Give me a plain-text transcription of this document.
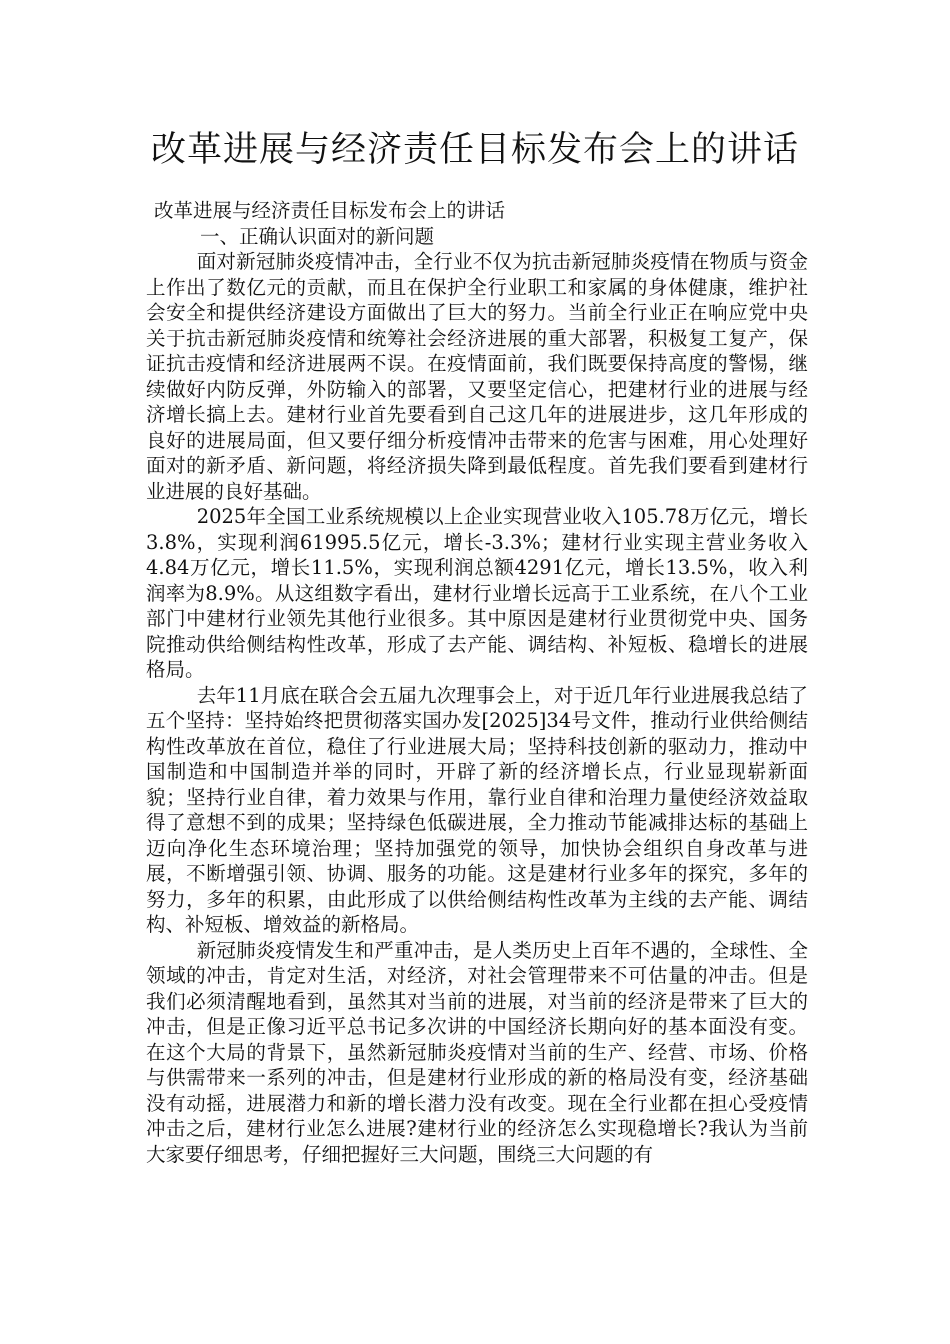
改革进展与经济责任目标发布会上的讲话

改革进展与经济责任目标发布会上的讲话

一、正确认识面对的新问题

面对新冠肺炎疫情冲击，全行业不仅为抗击新冠肺炎疫情在物质与资金上作出了数亿元的贡献，而且在保护全行业职工和家属的身体健康，维护社会安全和提供经济建设方面做出了巨大的努力。当前全行业正在响应党中央关于抗击新冠肺炎疫情和统筹社会经济进展的重大部署，积极复工复产，保证抗击疫情和经济进展两不误。在疫情面前，我们既要保持高度的警惕，继续做好内防反弹，外防输入的部署，又要坚定信心，把建材行业的进展与经济增长搞上去。建材行业首先要看到自己这几年的进展进步，这几年形成的良好的进展局面，但又要仔细分析疫情冲击带来的危害与困难，用心处理好面对的新矛盾、新问题，将经济损失降到最低程度。首先我们要看到建材行业进展的良好基础。

2025年全国工业系统规模以上企业实现营业收入105.78万亿元，增长3.8%，实现利润61995.5亿元，增长-3.3%；建材行业实现主营业务收入4.84万亿元，增长11.5%，实现利润总额4291亿元，增长13.5%，收入利润率为8.9%。从这组数字看出，建材行业增长远高于工业系统，在八个工业部门中建材行业领先其他行业很多。其中原因是建材行业贯彻党中央、国务院推动供给侧结构性改革，形成了去产能、调结构、补短板、稳增长的进展格局。

去年11月底在联合会五届九次理事会上，对于近几年行业进展我总结了五个坚持：坚持始终把贯彻落实国办发[2025]34号文件，推动行业供给侧结构性改革放在首位，稳住了行业进展大局；坚持科技创新的驱动力，推动中国制造和中国制造并举的同时，开辟了新的经济增长点，行业显现崭新面貌；坚持行业自律，着力效果与作用，靠行业自律和治理力量使经济效益取得了意想不到的成果；坚持绿色低碳进展，全力推动节能减排达标的基础上迈向净化生态环境治理；坚持加强党的领导，加快协会组织自身改革与进展，不断增强引领、协调、服务的功能。这是建材行业多年的探究，多年的努力，多年的积累，由此形成了以供给侧结构性改革为主线的去产能、调结构、补短板、增效益的新格局。

新冠肺炎疫情发生和严重冲击，是人类历史上百年不遇的，全球性、全领域的冲击，肯定对生活，对经济，对社会管理带来不可估量的冲击。但是我们必须清醒地看到，虽然其对当前的进展，对当前的经济是带来了巨大的冲击，但是正像习近平总书记多次讲的中国经济长期向好的基本面没有变。在这个大局的背景下，虽然新冠肺炎疫情对当前的生产、经营、市场、价格与供需带来一系列的冲击，但是建材行业形成的新的格局没有变，经济基础没有动摇，进展潜力和新的增长潜力没有改变。现在全行业都在担心受疫情冲击之后，建材行业怎么进展?建材行业的经济怎么实现稳增长?我认为当前大家要仔细思考，仔细把握好三大问题，围绕三大问题的有
